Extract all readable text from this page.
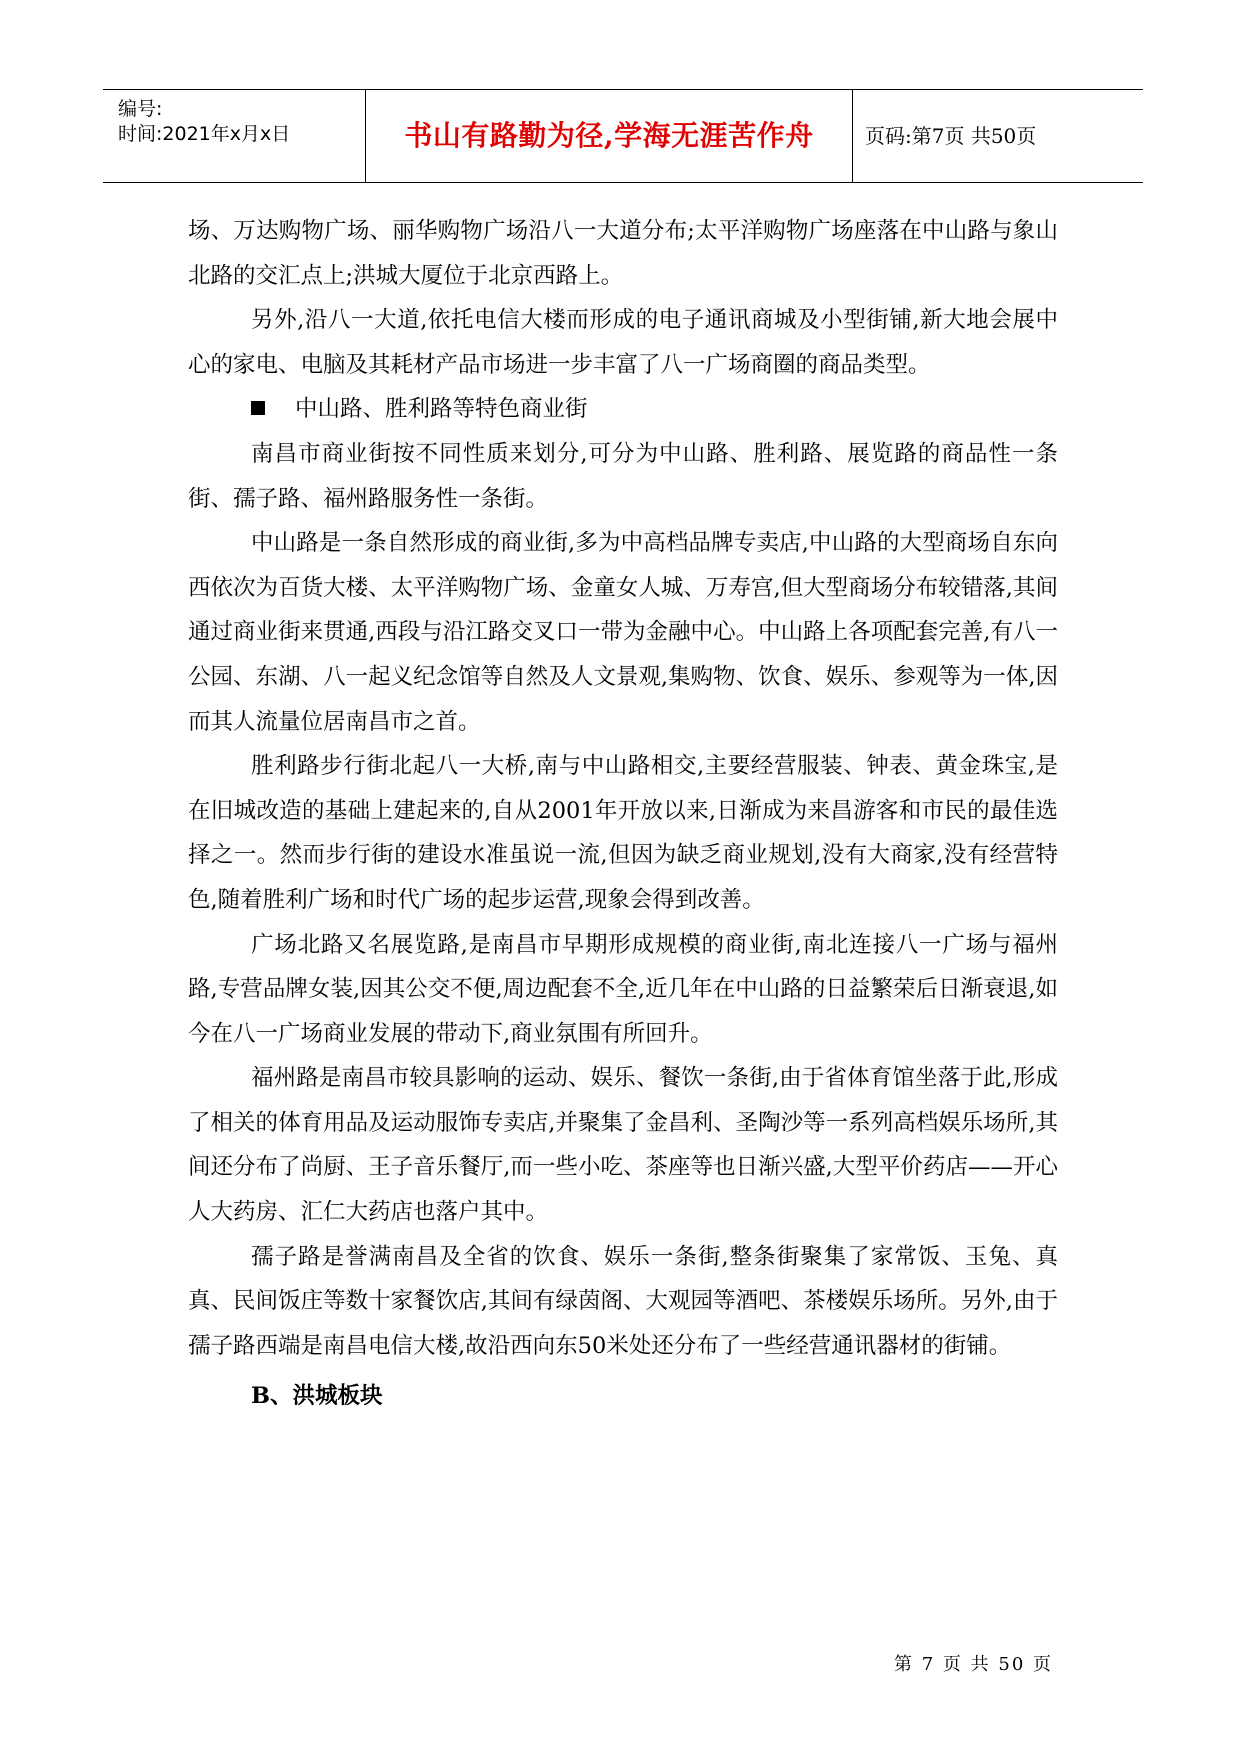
编号:
时间:2021年x月x日	书山有路勤为径,学海无涯苦作舟	页码:第7页 共50页

场、万达购物广场、丽华购物广场沿八一大道分布;太平洋购物广场座落在中山路与象山北路的交汇点上;洪城大厦位于北京西路上。

另外,沿八一大道,依托电信大楼而形成的电子通讯商城及小型街铺,新大地会展中心的家电、电脑及其耗材产品市场进一步丰富了八一广场商圈的商品类型。

中山路、胜利路等特色商业街

南昌市商业街按不同性质来划分,可分为中山路、胜利路、展览路的商品性一条街、孺子路、福州路服务性一条街。

中山路是一条自然形成的商业街,多为中高档品牌专卖店,中山路的大型商场自东向西依次为百货大楼、太平洋购物广场、金童女人城、万寿宫,但大型商场分布较错落,其间通过商业街来贯通,西段与沿江路交叉口一带为金融中心。中山路上各项配套完善,有八一公园、东湖、八一起义纪念馆等自然及人文景观,集购物、饮食、娱乐、参观等为一体,因而其人流量位居南昌市之首。

胜利路步行街北起八一大桥,南与中山路相交,主要经营服装、钟表、黄金珠宝,是在旧城改造的基础上建起来的,自从2001年开放以来,日渐成为来昌游客和市民的最佳选择之一。然而步行街的建设水准虽说一流,但因为缺乏商业规划,没有大商家,没有经营特色,随着胜利广场和时代广场的起步运营,现象会得到改善。

广场北路又名展览路,是南昌市早期形成规模的商业街,南北连接八一广场与福州路,专营品牌女装,因其公交不便,周边配套不全,近几年在中山路的日益繁荣后日渐衰退,如今在八一广场商业发展的带动下,商业氛围有所回升。

福州路是南昌市较具影响的运动、娱乐、餐饮一条街,由于省体育馆坐落于此,形成了相关的体育用品及运动服饰专卖店,并聚集了金昌利、圣陶沙等一系列高档娱乐场所,其间还分布了尚厨、王子音乐餐厅,而一些小吃、茶座等也日渐兴盛,大型平价药店——开心人大药房、汇仁大药店也落户其中。

孺子路是誉满南昌及全省的饮食、娱乐一条街,整条街聚集了家常饭、玉兔、真真、民间饭庄等数十家餐饮店,其间有绿茵阁、大观园等酒吧、茶楼娱乐场所。另外,由于孺子路西端是南昌电信大楼,故沿西向东50米处还分布了一些经营通讯器材的街铺。

B、洪城板块
第 7 页 共 50 页
